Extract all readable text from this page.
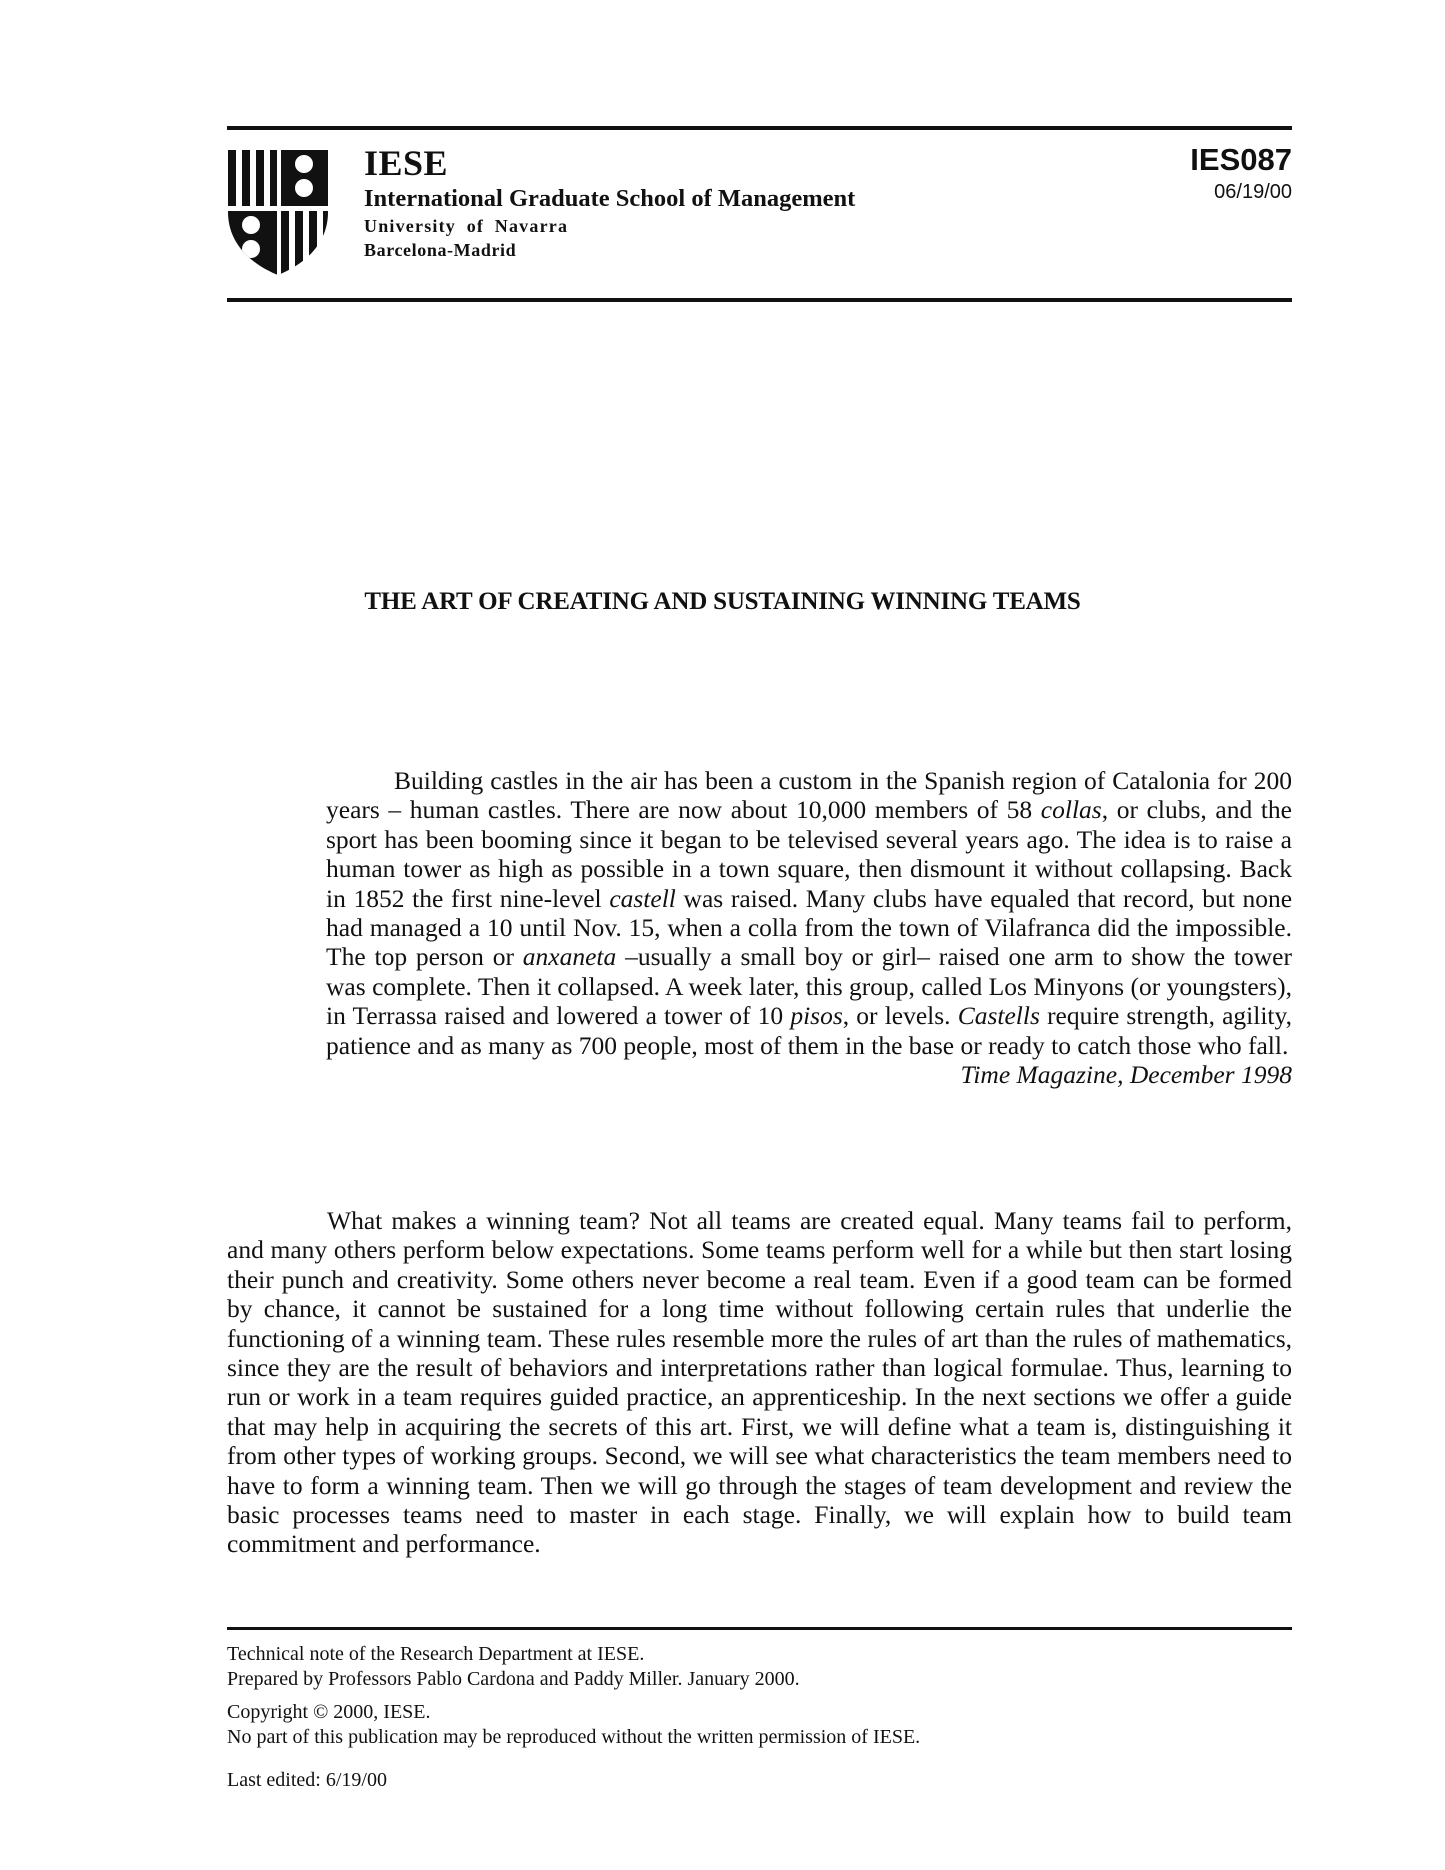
IESE
International Graduate School of Management
University of Navarra
Barcelona-Madrid
IES087
06/19/00
THE ART OF CREATING AND SUSTAINING WINNING TEAMS

Building castles in the air has been a custom in the Spanish region of Catalonia for 200 years – human castles. There are now about 10,000 members of 58 collas, or clubs, and the sport has been booming since it began to be televised several years ago. The idea is to raise a human tower as high as possible in a town square, then dismount it without collapsing. Back in 1852 the first nine-level castell was raised. Many clubs have equaled that record, but none had managed a 10 until Nov. 15, when a colla from the town of Vilafranca did the impossible. The top person or anxaneta –usually a small boy or girl– raised one arm to show the tower was complete. Then it collapsed. A week later, this group, called Los Minyons (or youngsters), in Terrassa raised and lowered a tower of 10 pisos, or levels. Castells require strength, agility, patience and as many as 700 people, most of them in the base or ready to catch those who fall.

Time Magazine, December 1998

What makes a winning team? Not all teams are created equal. Many teams fail to perform, and many others perform below expectations. Some teams perform well for a while but then start losing their punch and creativity. Some others never become a real team. Even if a good team can be formed by chance, it cannot be sustained for a long time without following certain rules that underlie the functioning of a winning team. These rules resemble more the rules of art than the rules of mathematics, since they are the result of behaviors and interpretations rather than logical formulae. Thus, learning to run or work in a team requires guided practice, an apprenticeship. In the next sections we offer a guide that may help in acquiring the secrets of this art. First, we will define what a team is, distinguishing it from other types of working groups. Second, we will see what characteristics the team members need to have to form a winning team. Then we will go through the stages of team development and review the basic processes teams need to master in each stage. Finally, we will explain how to build team commitment and performance.

Technical note of the Research Department at IESE.
Prepared by Professors Pablo Cardona and Paddy Miller. January 2000.
Copyright © 2000, IESE.
No part of this publication may be reproduced without the written permission of IESE.
Last edited: 6/19/00
